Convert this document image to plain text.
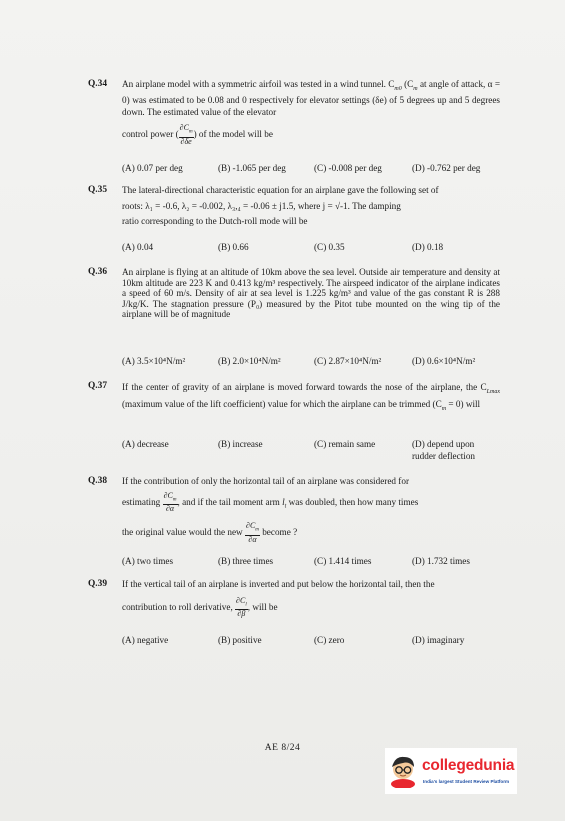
Q.34 An airplane model with a symmetric airfoil was tested in a wind tunnel. $C_{m0}$ ($C_m$ at angle of attack, α = 0) was estimated to be 0.08 and 0 respectively for elevator settings (δe) of 5 degrees up and 5 degrees down. The estimated value of the elevator
control power ( $\frac{\partial C_m}{\partial\delta e}$ ) of the model will be
(A) 0.07 per deg	(B) -1.065 per deg	(C) -0.008 per deg	(D) -0.762 per deg
Q.35 The lateral-directional characteristic equation for an airplane gave the following set of
roots: λ₁ = -0.6, λ₂ = -0.002, λ₃,₄ = -0.06 ± j1.5, where j = √-1. The damping
ratio corresponding to the Dutch-roll mode will be
(A) 0.04	(B) 0.66	(C) 0.35	(D) 0.18
Q.36 An airplane is flying at an altitude of 10km above the sea level. Outside air temperature and density at 10km altitude are 223 K and 0.413 kg/m³ respectively. The airspeed indicator of the airplane indicates a speed of 60 m/s. Density of air at sea level is 1.225 kg/m³ and value of the gas constant R is 288 J/kg/K. The stagnation pressure (P₀) measured by the Pitot tube mounted on the wing tip of the airplane will be of magnitude
(A) 3.5×10⁴N/m²	(B) 2.0×10⁴N/m²	(C) 2.87×10⁴N/m²	(D) 0.6×10⁴N/m²
Q.37 If the center of gravity of an airplane is moved forward towards the nose of the airplane, the $C_{Lmax}$ (maximum value of the lift coefficient) value for which the airplane can be trimmed $(C_m = 0)$ will
(A) decrease	(B) increase	(C) remain same	(D) depend upon
rudder deflection
Q.38 If the contribution of only the horizontal tail of an airplane was considered for
estimating $\frac{\partial C_m}{\partial\alpha}$ , and if the tail moment arm $l_t$ was doubled, then how many times
the original value would the new $\frac{\partial C_m}{\partial\alpha}$ become ?
(A) two times	(B) three times	(C) 1.414 times	(D) 1.732 times
Q.39 If the vertical tail of an airplane is inverted and put below the horizontal tail, then the
contribution to roll derivative, $\frac{\partial C_l}{\partial\beta}$ , will be
(A) negative	(B) positive	(C) zero	(D) imaginary
AE 8/24
collegedunia
India's largest Student Review Platform
